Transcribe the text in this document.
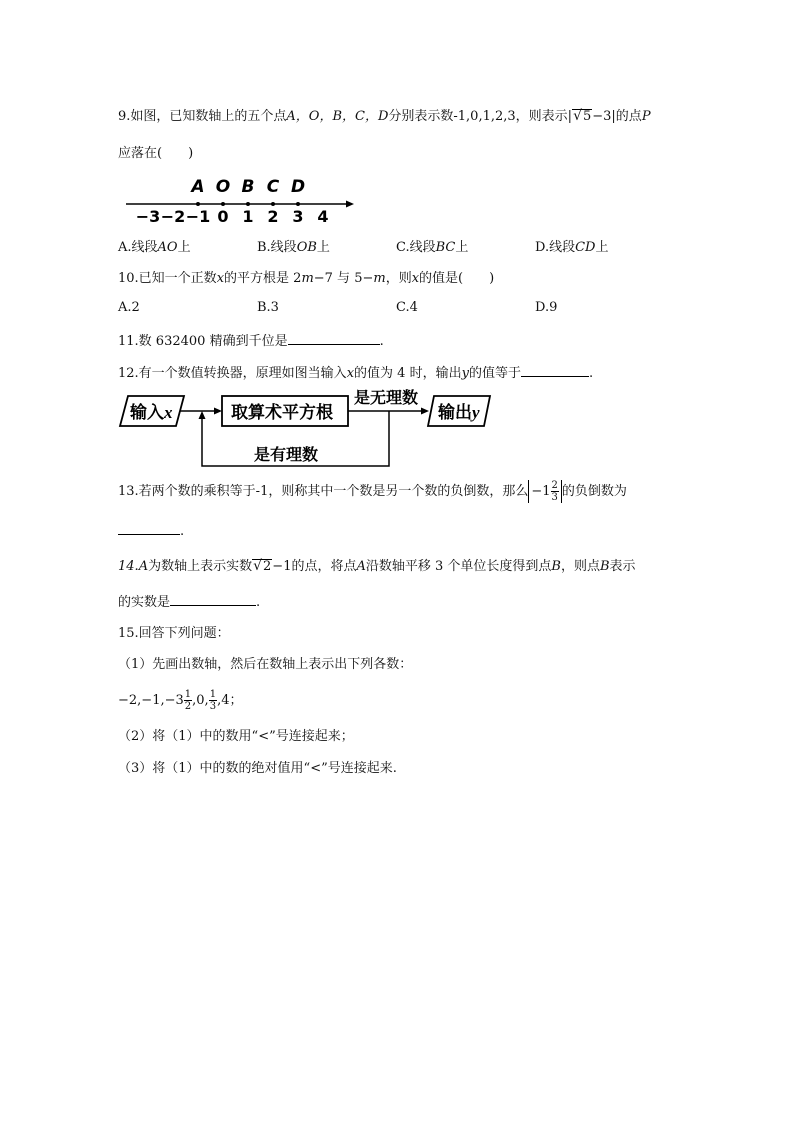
9.如图，已知数轴上的五个点A，O，B，C，D分别表示数-1,0,1,2,3，则表示|√5−3|的点P
应落在(　　)
A O B C D
−3 −2 −1 0 1 2 3 4
A.线段AO上	B.线段OB上	C.线段BC上	D.线段CD上
10.已知一个正数x的平方根是 2m−7 与 5−m，则x的值是(　　)
A.2	B.3	C.4	D.9
11.数 632400 精确到千位是	.
12.有一个数值转换器，原理如图当输入x的值为 4 时，输出y的值等于	.
输入x	取算术平方根
是无理数
输出y
是有理数
13.若两个数的乘积等于-1，则称其中一个数是另一个数的负倒数，那么 $-1 \frac{2}{3}$ 的负倒数为
.
14.A为数轴上表示实数√2−1的点，将点A沿数轴平移 3 个单位长度得到点B，则点B表示
的实数是	.
15.回答下列问题：
（1）先画出数轴，然后在数轴上表示出下列各数：
$-2,-1,-3 \frac{1}{2} ,0$, $\frac{1}{3} ,4$；
（2）将（1）中的数用“<”号连接起来；
（3）将（1）中的数的绝对值用“<”号连接起来.
